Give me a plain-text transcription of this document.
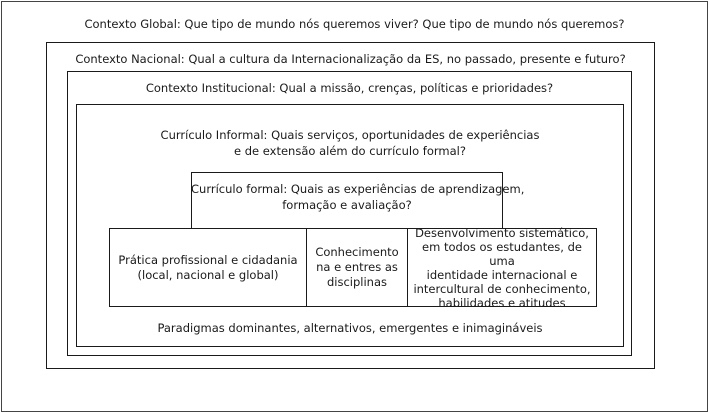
Contexto Global: Que tipo de mundo nós queremos viver? Que tipo de mundo nós queremos?
Contexto Nacional: Qual a cultura da Internacionalização da ES, no passado, presente e futuro?
Contexto Institucional: Qual a missão, crenças, políticas e prioridades?
Currículo Informal: Quais serviços, oportunidades de experiências
e de extensão além do currículo formal?
Currículo formal: Quais as experiências de aprendizagem,
formação e avaliação?
Prática profissional e cidadania
(local, nacional e global)
Conhecimento
na e entres as
disciplinas
Desenvolvimento sistemático,
em todos os estudantes, de uma
identidade internacional e
intercultural de conhecimento,
habilidades e atitudes
Paradigmas dominantes, alternativos, emergentes e inimagináveis
